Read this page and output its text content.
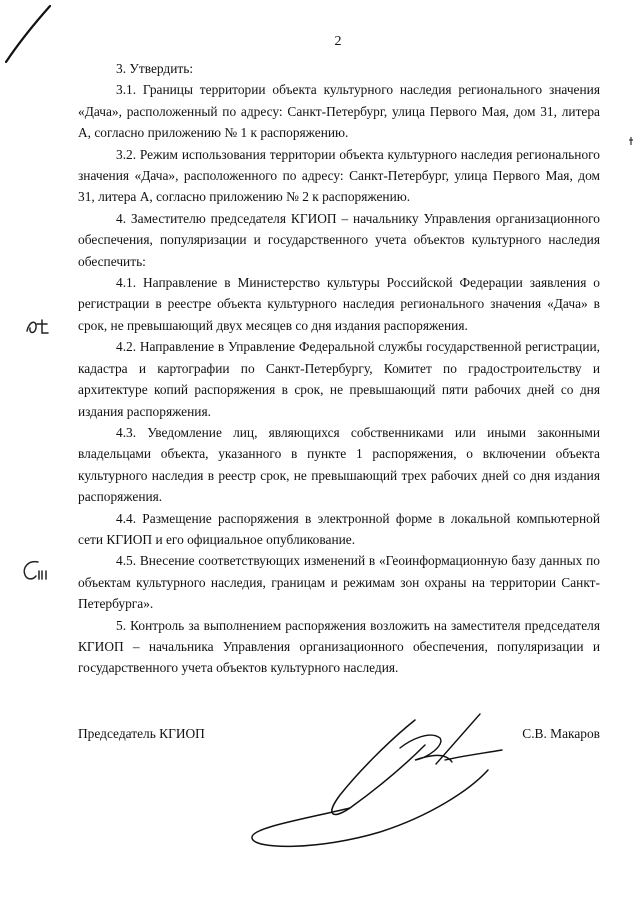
2

3. Утвердить:

3.1. Границы территории объекта культурного наследия регионального значения «Дача», расположенный по адресу: Санкт-Петербург, улица Первого Мая, дом 31, литера А, согласно приложению № 1 к распоряжению.

3.2. Режим использования территории объекта культурного наследия регионального значения «Дача», расположенного по адресу: Санкт-Петербург, улица Первого Мая, дом 31, литера А, согласно приложению № 2 к распоряжению.

4. Заместителю председателя КГИОП – начальнику Управления организационного обеспечения, популяризации и государственного учета объектов культурного наследия обеспечить:

4.1. Направление в Министерство культуры Российской Федерации заявления о регистрации в реестре объекта культурного наследия регионального значения «Дача» в срок, не превышающий двух месяцев со дня издания распоряжения.

4.2. Направление в Управление Федеральной службы государственной регистрации, кадастра и картографии по Санкт-Петербургу, Комитет по градостроительству и архитектуре копий распоряжения в срок, не превышающий пяти рабочих дней со дня издания распоряжения.

4.3. Уведомление лиц, являющихся собственниками или иными законными владельцами объекта, указанного в пункте 1 распоряжения, о включении объекта культурного наследия в реестр срок, не превышающий трех рабочих дней со дня издания распоряжения.

4.4. Размещение распоряжения в электронной форме в локальной компьютерной сети КГИОП и его официальное опубликование.

4.5. Внесение соответствующих изменений в «Геоинформационную базу данных по объектам культурного наследия, границам и режимам зон охраны на территории Санкт-Петербурга».

5. Контроль за выполнением распоряжения возложить на заместителя председателя КГИОП – начальника Управления организационного обеспечения, популяризации и государственного учета объектов культурного наследия.

Председатель КГИОП	С.В. Макаров
